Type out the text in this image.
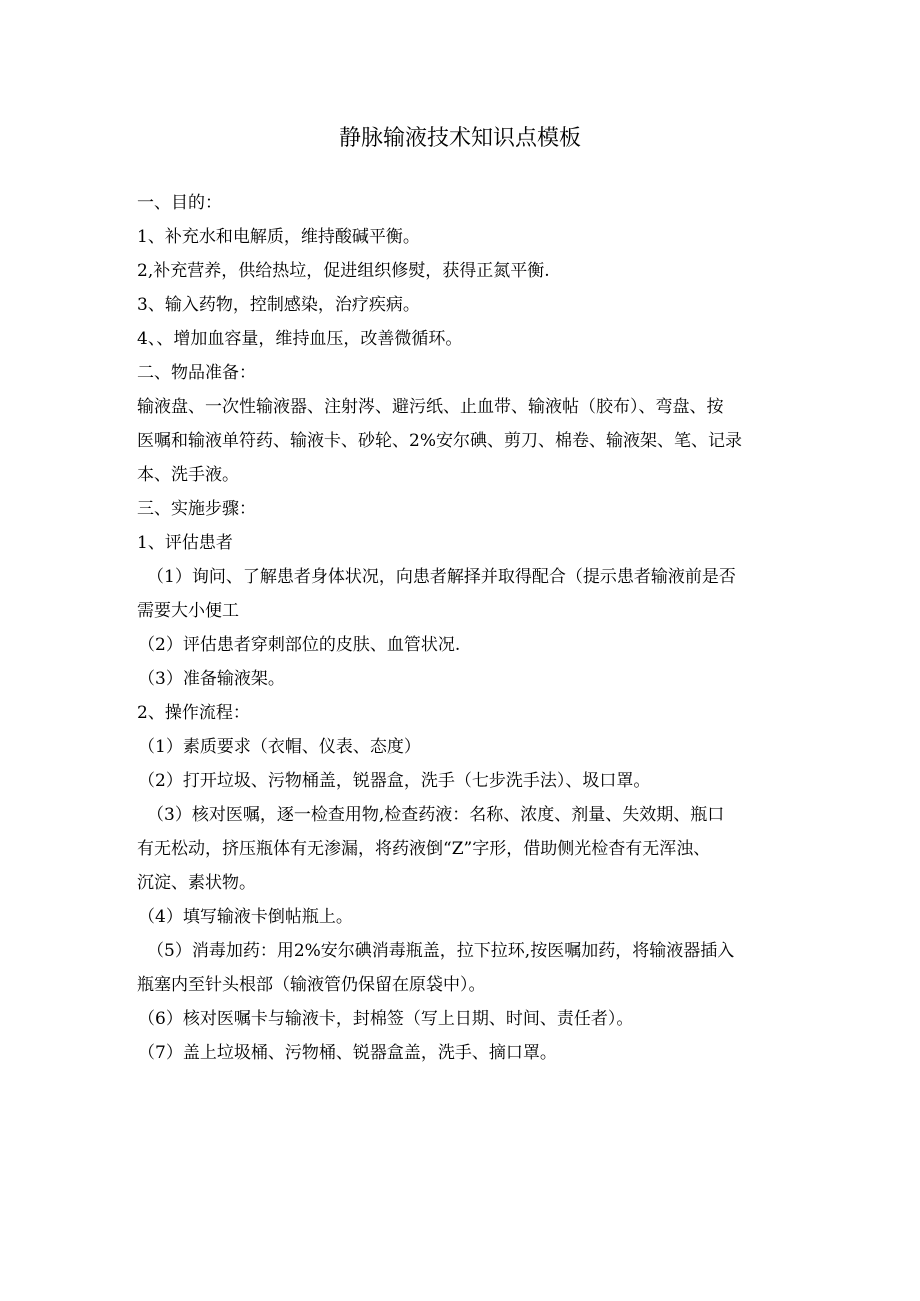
静脉输液技术知识点模板
一、目的：
1、补充水和电解质，维持酸碱平衡。
2,补充营养，供给热垃，促进组织修熨，获得正氮平衡.
3、输入药物，控制感染，治疗疾病。
4、、增加血容量，维持血压，改善微循环。
二、物品准备：
输液盘、一次性输液器、注射涔、避污纸、止血带、输液帖（胶布）、弯盘、按
医嘱和输液单符药、输液卡、砂轮、2%安尔碘、剪刀、棉卷、输液架、笔、记录
本、洗手液。
三、实施步骤：
1、评估患者
（1）询问、了解患者身体状况，向患者解择并取得配合（提示患者输液前是否
需要大小便工
（2）评估患者穿刺部位的皮肤、血管状况.
（3）准备输液架。
2、操作流程：
（1）素质要求（衣帽、仪表、态度）
（2）打开垃圾、污物桶盖，锐器盒，洗手（七步洗手法）、圾口罩。
（3）核对医嘱，逐一检查用物,检查药液：名称、浓度、剂量、失效期、瓶口
有无松动，挤压瓶体有无渗漏，将药液倒“Z”字形，借助侧光检杳有无浑浊、
沉淀、素状物。
（4）填写输液卡倒帖瓶上。
（5）消毒加药：用2%安尔碘消毒瓶盖，拉下拉环,按医嘱加药，将输液器插入
瓶塞内至针头根部（输液管仍保留在原袋中）。
（6）核对医嘱卡与输液卡，封棉签（写上日期、时间、责任者）。
（7）盖上垃圾桶、污物桶、锐器盒盖，洗手、摘口罩。
